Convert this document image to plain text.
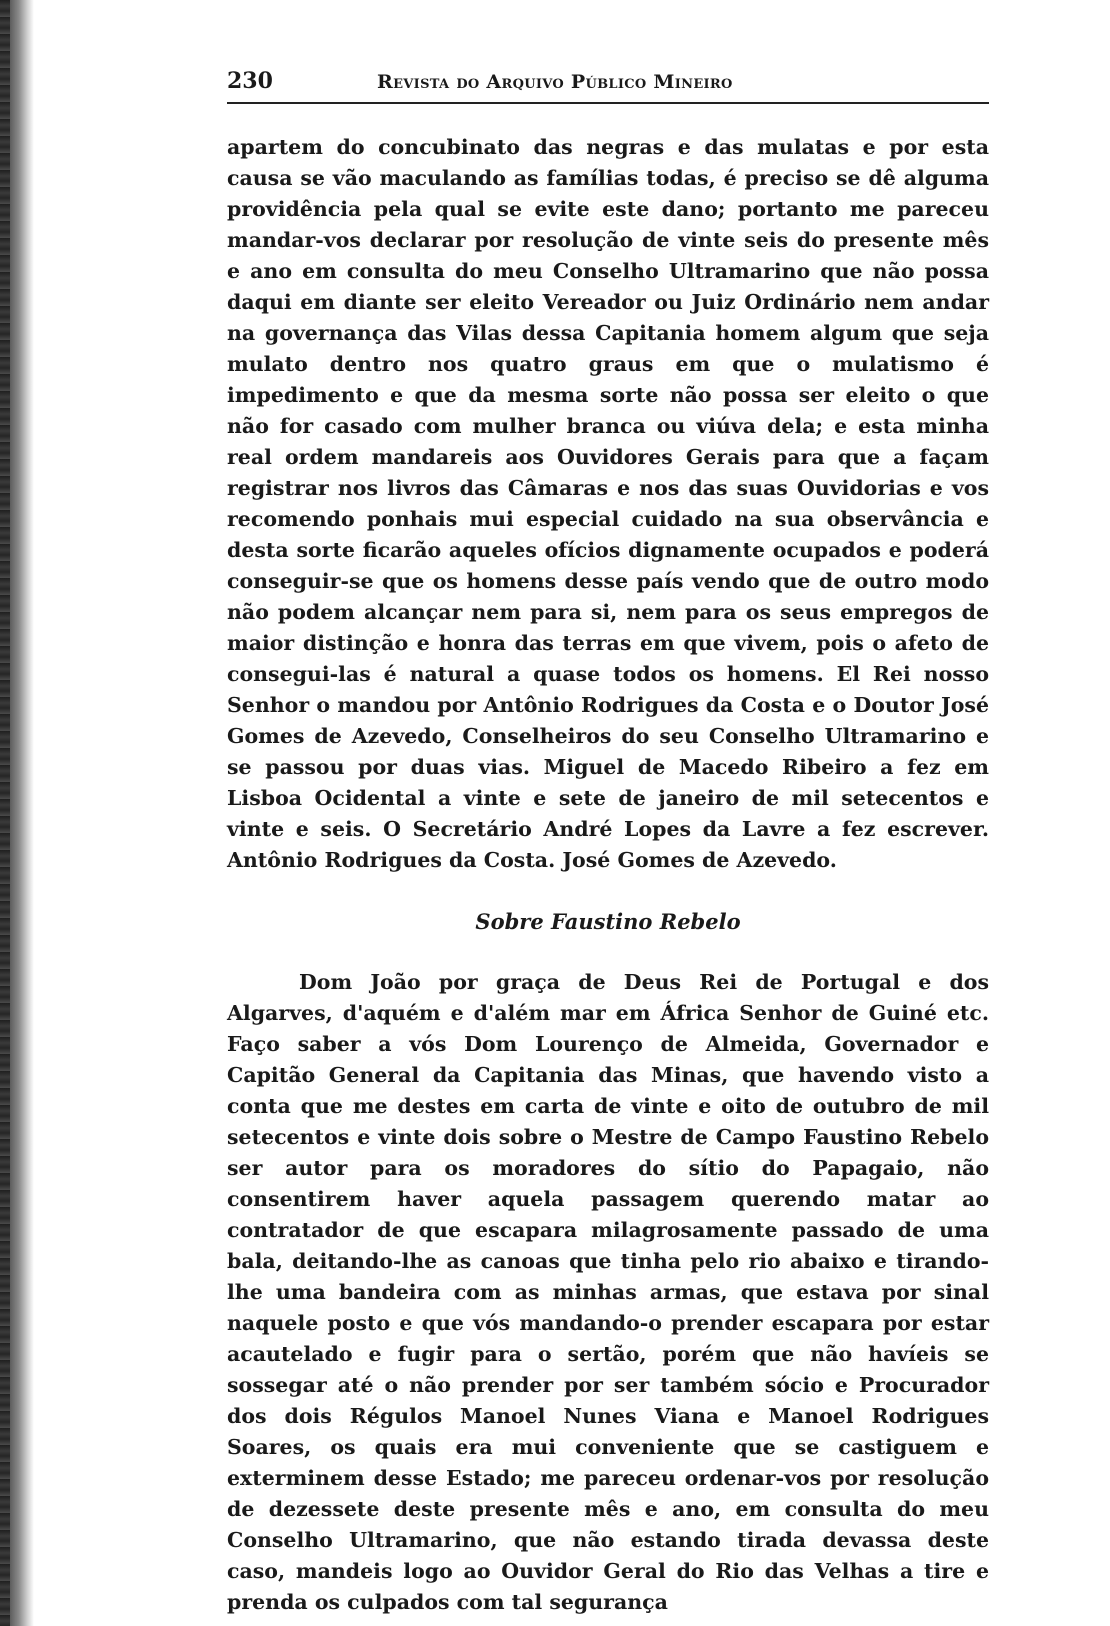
230	Revista do Arquivo Público Mineiro

apartem do concubinato das negras e das mulatas e por esta causa se vão maculando as famílias todas, é preciso se dê alguma providência pela qual se evite este dano; portanto me pareceu mandar-vos declarar por resolução de vinte seis do presente mês e ano em consulta do meu Conselho Ultramarino que não possa daqui em diante ser eleito Vereador ou Juiz Ordinário nem andar na governança das Vilas dessa Capitania homem algum que seja mulato dentro nos quatro graus em que o mulatismo é impedimento e que da mesma sorte não possa ser eleito o que não for casado com mulher branca ou viúva dela; e esta minha real ordem mandareis aos Ouvidores Gerais para que a façam registrar nos livros das Câmaras e nos das suas Ouvidorias e vos recomendo ponhais mui especial cuidado na sua observância e desta sorte ficarão aqueles ofícios dignamente ocupados e poderá conseguir-se que os homens desse país vendo que de outro modo não podem alcançar nem para si, nem para os seus empregos de maior distinção e honra das terras em que vivem, pois o afeto de consegui-las é natural a quase todos os homens. El Rei nosso Senhor o mandou por Antônio Rodrigues da Costa e o Doutor José Gomes de Azevedo, Conselheiros do seu Conselho Ultramarino e se passou por duas vias. Miguel de Macedo Ribeiro a fez em Lisboa Ocidental a vinte e sete de janeiro de mil setecentos e vinte e seis. O Secretário André Lopes da Lavre a fez escrever. Antônio Rodrigues da Costa. José Gomes de Azevedo.

Sobre Faustino Rebelo

Dom João por graça de Deus Rei de Portugal e dos Algarves, d'aquém e d'além mar em África Senhor de Guiné etc. Faço saber a vós Dom Lourenço de Almeida, Governador e Capitão General da Capitania das Minas, que havendo visto a conta que me destes em carta de vinte e oito de outubro de mil setecentos e vinte dois sobre o Mestre de Campo Faustino Rebelo ser autor para os moradores do sítio do Papagaio, não consentirem haver aquela passagem querendo matar ao contratador de que escapara milagrosamente passado de uma bala, deitando-lhe as canoas que tinha pelo rio abaixo e tirando-lhe uma bandeira com as minhas armas, que estava por sinal naquele posto e que vós mandando-o prender escapara por estar acautelado e fugir para o sertão, porém que não havíeis se sossegar até o não prender por ser também sócio e Procurador dos dois Régulos Manoel Nunes Viana e Manoel Rodrigues Soares, os quais era mui conveniente que se castiguem e exterminem desse Estado; me pareceu ordenar-vos por resolução de dezessete deste presente mês e ano, em consulta do meu Conselho Ultramarino, que não estando tirada devassa deste caso, mandeis logo ao Ouvidor Geral do Rio das Velhas a tire e prenda os culpados com tal segurança
